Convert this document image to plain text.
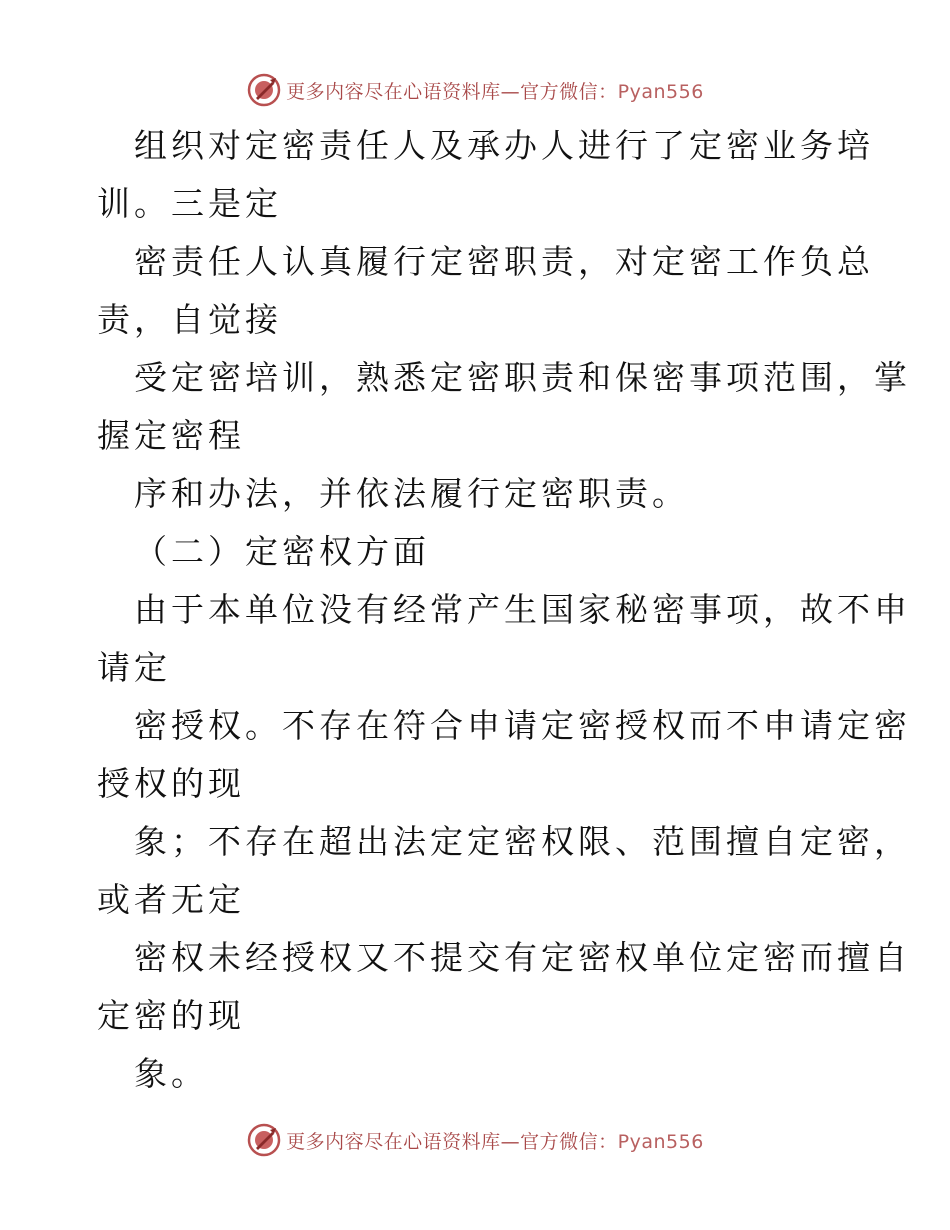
更多内容尽在心语资料库—官方微信：Pyan556
组织对定密责任人及承办人进行了定密业务培
训。三是定
密责任人认真履行定密职责，对定密工作负总
责，自觉接
受定密培训，熟悉定密职责和保密事项范围，掌
握定密程
序和办法，并依法履行定密职责。
（二）定密权方面
由于本单位没有经常产生国家秘密事项，故不申
请定
密授权。不存在符合申请定密授权而不申请定密
授权的现
象；不存在超出法定定密权限、范围擅自定密，
或者无定
密权未经授权又不提交有定密权单位定密而擅自
定密的现
象。
更多内容尽在心语资料库—官方微信：Pyan556
